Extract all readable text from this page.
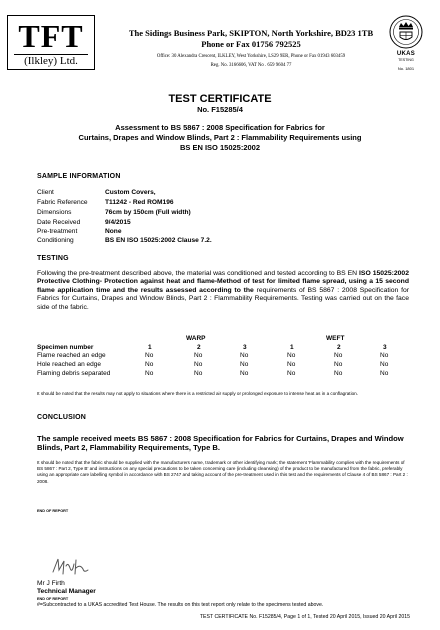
TFT
(Ilkley) Ltd.
The Sidings Business Park, SKIPTON, North Yorkshire, BD23 1TB
Phone or Fax 01756 792525
Office: 30 Alexandra Crescent, ILKLEY, West Yorkshire, LS29 9ER, Phone or Fax 01943 603459
Reg. No. 3166606, VAT No . 659 9604 77
UKAS
TESTING
No. 1801
TEST CERTIFICATE
No. F15285/4
Assessment to BS 5867 : 2008 Specification for Fabrics for
Curtains, Drapes and Window Blinds, Part 2 : Flammability Requirements using
BS EN ISO 15025:2002
SAMPLE INFORMATION
Client	Custom Covers,
Fabric Reference	T11242 - Red ROM196
Dimensions	76cm by 150cm (Full width)
Date Received	9/4/2015
Pre-treatment	None
Conditioning	BS EN ISO 15025:2002 Clause 7.2.
TESTING
Following the pre-treatment described above, the material was conditioned and tested according to BS EN ISO 15025:2002 Protective Clothing- Protection against heat and flame-Method of test for limited flame spread, using a 15 second flame application time and the results assessed according to the requirements of BS 5867 : 2008 Specification for Fabrics for Curtains, Drapes and Window Blinds, Part 2 : Flammability Requirements. Testing was carried out on the face side of the fabric.
WARP	WEFT
Specimen number	1	2	3	1	2	3
Flame reached an edge	No	No	No	No	No	No
Hole reached an edge	No	No	No	No	No	No
Flaming debris separated	No	No	No	No	No	No
It should be noted that the results may not apply to situations where there is a restricted air supply or prolonged exposure to intense heat as in a conflagration.
CONCLUSION
The sample received meets BS 5867 : 2008 Specification for Fabrics for Curtains, Drapes and Window Blinds, Part 2, Flammability Requirements, Type B.
It should be noted that the fabric should be supplied with the manufacturers name, trademark or other identifying mark; the statement 'Flammability complies with the requirements of BS 5867 : Part 2, Type B' and instructions on any special precautions to be taken concerning care (including cleansing) of the product to be manufactured from the fabric, preferably using an appropriate care labelling symbol in accordance with BS 2747 and taking account of the pre-treatment used in this test and the requirements of Clause 4 of BS 5867 : Part 2 : 2008.
END OF REPORT
Mr J Firth
Technical Manager
END OF REPORT
#=Subcontracted to a UKAS accredited Test House. The results on this test report only relate to the specimens tested above.
TEST CERTIFICATE No. F15285/4, Page 1 of 1, Tested 20 April 2015, Issued 20 April 2015
